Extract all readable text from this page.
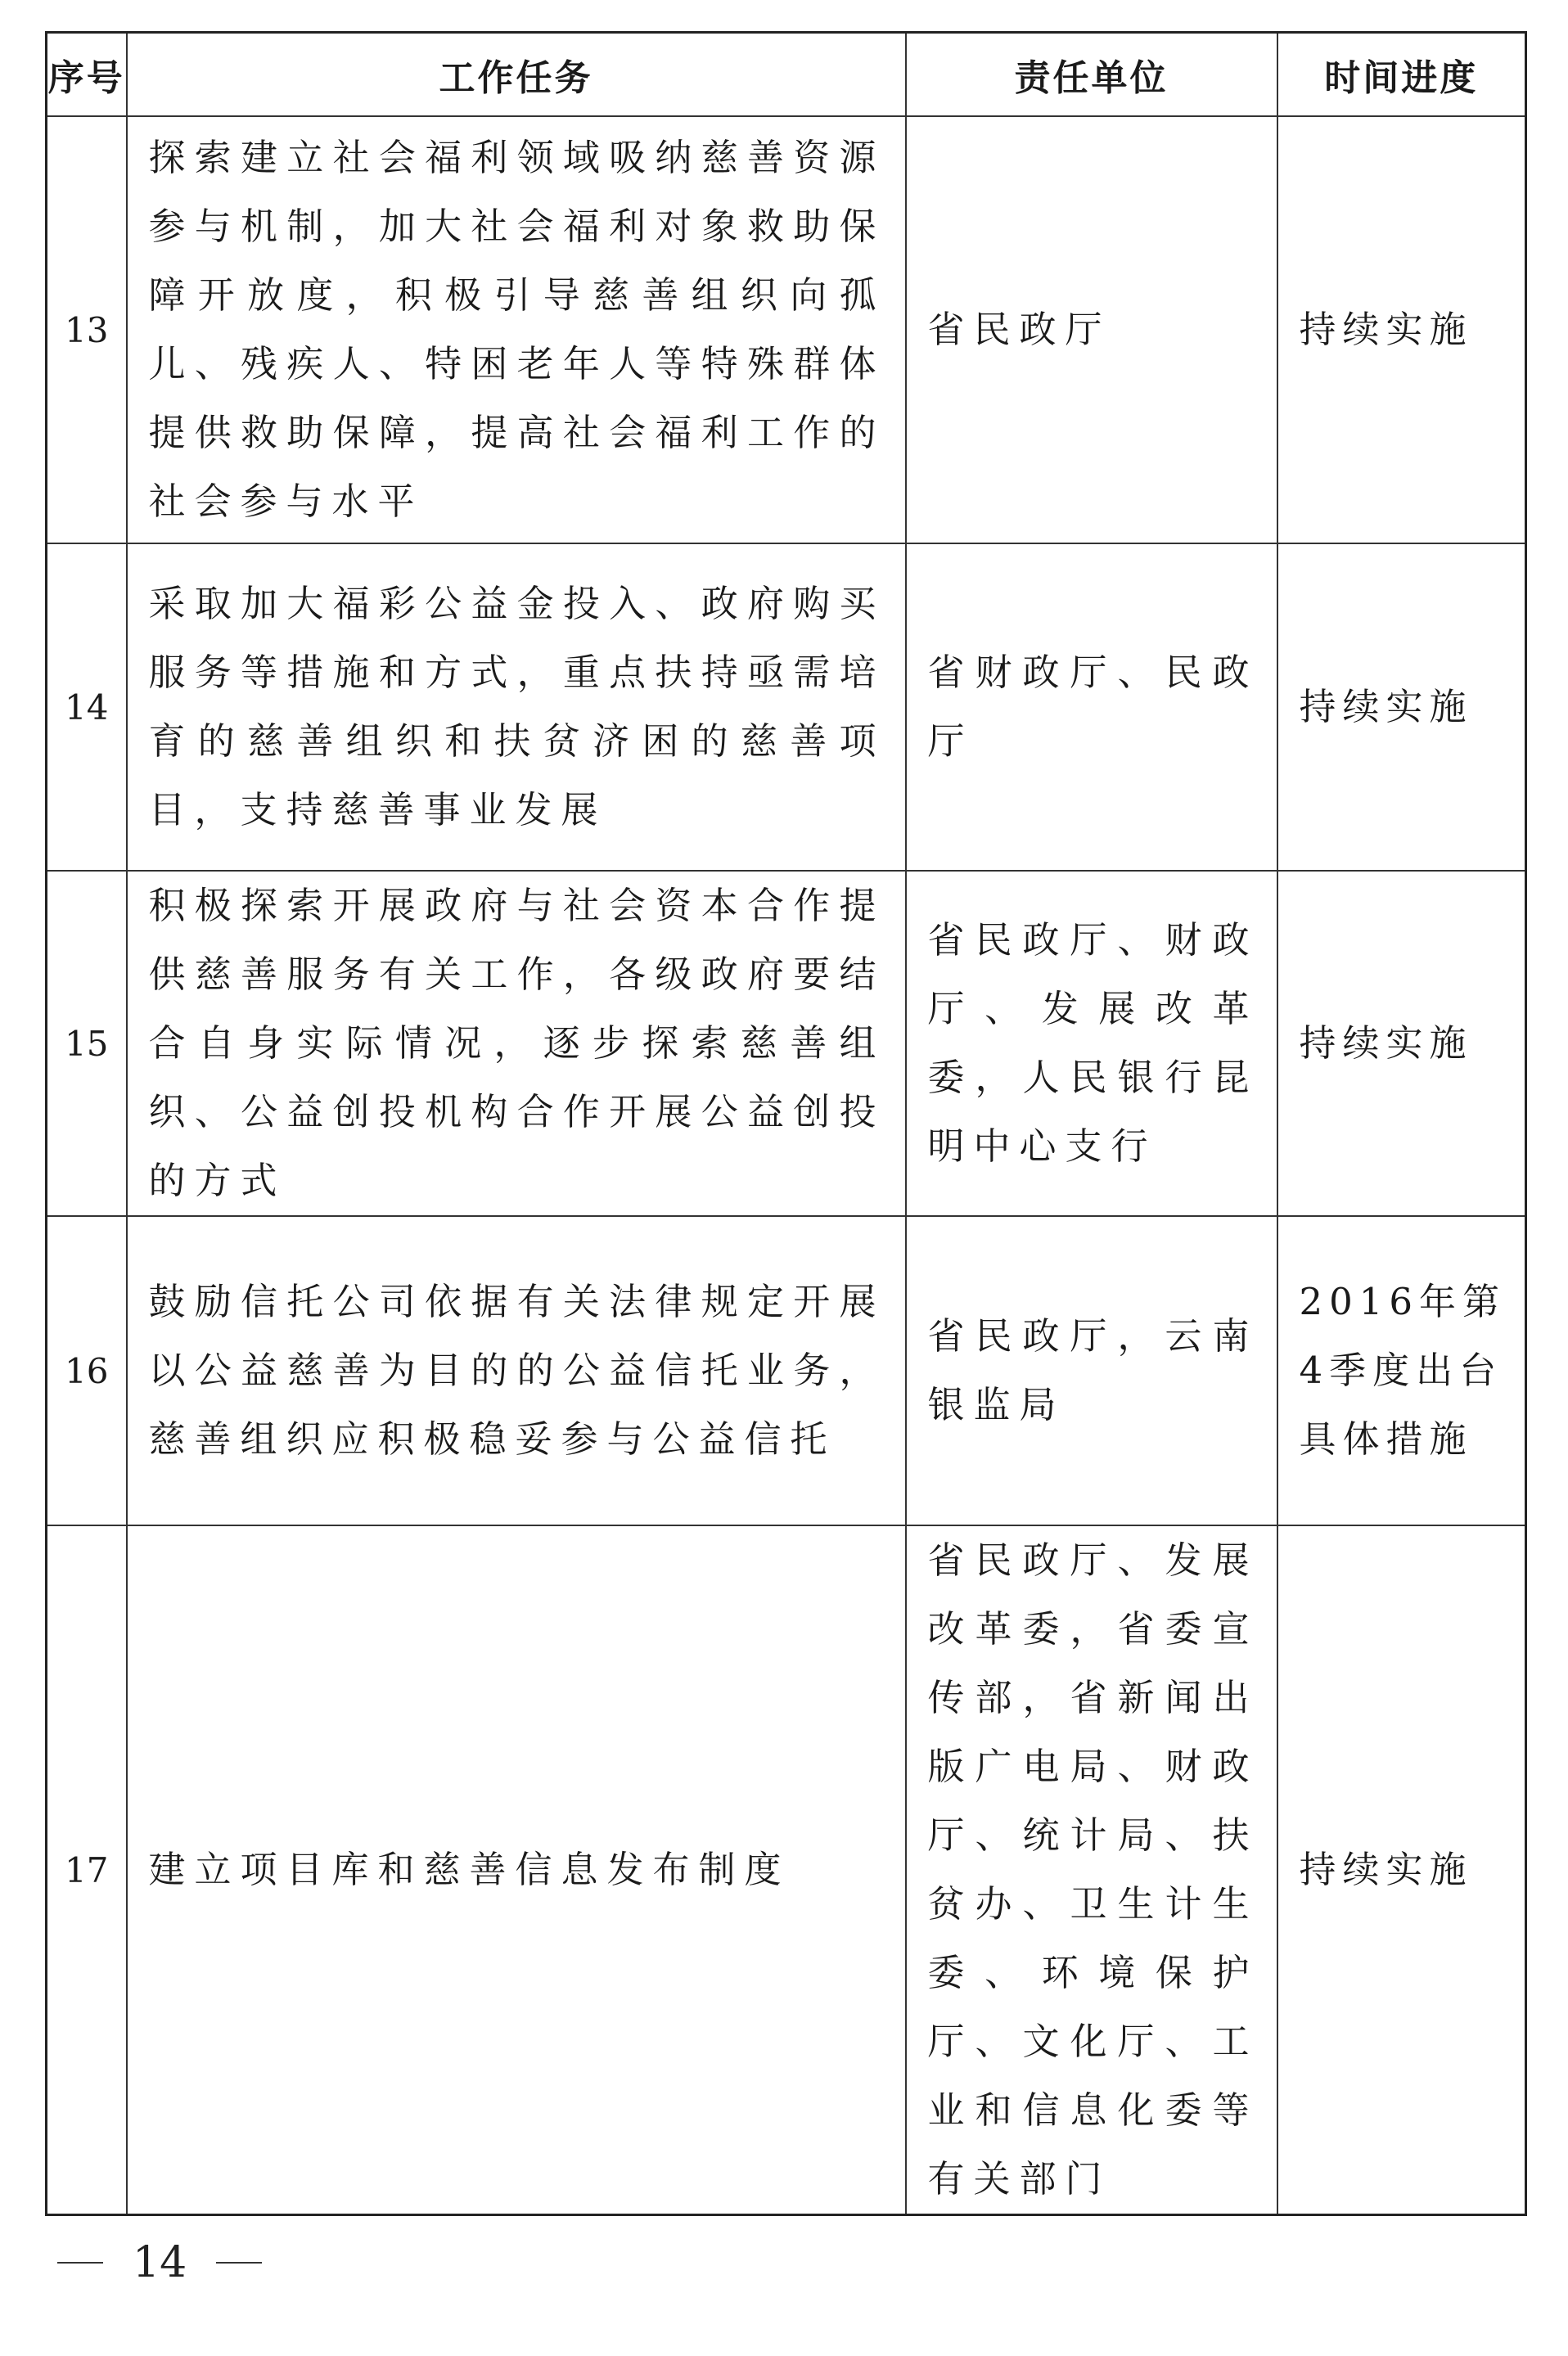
序号	工作任务	责任单位	时间进度
13	探索建立社会福利领域吸纳慈善资源参与机制，加大社会福利对象救助保障开放度，积极引导慈善组织向孤儿、残疾人、特困老年人等特殊群体提供救助保障，提高社会福利工作的社会参与水平	省民政厅	持续实施
14	采取加大福彩公益金投入、政府购买服务等措施和方式，重点扶持亟需培育的慈善组织和扶贫济困的慈善项目，支持慈善事业发展	省财政厅、民政厅	持续实施
15	积极探索开展政府与社会资本合作提供慈善服务有关工作，各级政府要结合自身实际情况，逐步探索慈善组织、公益创投机构合作开展公益创投的方式	省民政厅、财政厅、发展改革委，人民银行昆明中心支行	持续实施
16	鼓励信托公司依据有关法律规定开展以公益慈善为目的的公益信托业务，慈善组织应积极稳妥参与公益信托	省民政厅，云南银监局	2016年第4季度出台具体措施
17	建立项目库和慈善信息发布制度	省民政厅、发展改革委，省委宣传部，省新闻出版广电局、财政厅、统计局、扶贫办、卫生计生委、环境保护厅、文化厅、工业和信息化委等有关部门	持续实施
14
